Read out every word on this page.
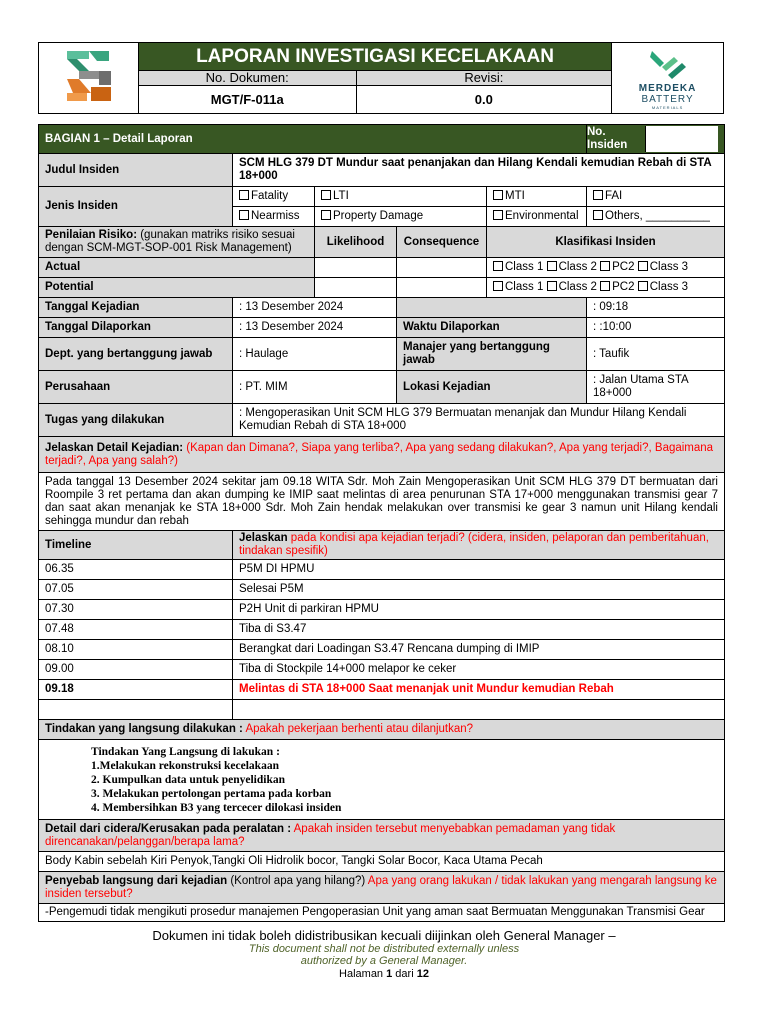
	LAPORAN INVESTIGASI KECELAKAAN		MERDEKA
BATTERY
MATERIALS

	No. Dokumen:	Revisi:	
	MGT/F-011a	0.0	
BAGIAN 1 – Detail Laporan	
No. Insiden	

Judul Insiden	SCM HLG 379 DT Mundur saat penanjakan dan Hilang Kendali kemudian Rebah di STA 18+000
Jenis Insiden	Fatality	LTI	MTI	FAI
Nearmiss	Property Damage	Environmental	Others, __________
Penilaian Risiko: (gunakan matriks risiko sesuai dengan SCM-MGT-SOP-001 Risk Management)	Likelihood	Consequence	Klasifikasi Insiden
Actual			Class 1 Class 2 PC2 Class 3
Potential			Class 1 Class 2 PC2 Class 3
Tanggal Kejadian	: 13 Desember 2024		: 09:18
Tanggal Dilaporkan	: 13 Desember 2024	Waktu Dilaporkan	: :10:00
Dept. yang bertanggung jawab	: Haulage	Manajer yang bertanggung jawab	: Taufik
Perusahaan	: PT. MIM	Lokasi Kejadian	: Jalan Utama STA 18+000
Tugas yang dilakukan	: Mengoperasikan Unit SCM HLG 379 Bermuatan menanjak dan Mundur Hilang Kendali Kemudian Rebah di STA 18+000
Jelaskan Detail Kejadian: (Kapan dan Dimana?, Siapa yang terliba?, Apa yang sedang dilakukan?, Apa yang terjadi?, Bagaimana terjadi?, Apa yang salah?)
Pada tanggal 13 Desember 2024 sekitar jam 09.18 WITA Sdr. Moh Zain Mengoperasikan Unit SCM HLG 379 DT bermuatan dari Roompile 3 ret pertama dan akan dumping ke IMIP saat melintas di area penurunan STA 17+000 menggunakan transmisi gear 7 dan saat akan menanjak ke STA 18+000 Sdr. Moh Zain hendak melakukan over transmisi ke gear 3 namun unit Hilang kendali sehingga mundur dan rebah
Timeline	Jelaskan pada kondisi apa kejadian terjadi? (cidera, insiden, pelaporan dan pemberitahuan, tindakan spesifik)
06.35	P5M DI HPMU
07.05	Selesai P5M
07.30	P2H Unit di parkiran HPMU
07.48	Tiba di S3.47
08.10	Berangkat dari Loadingan S3.47 Rencana dumping di IMIP
09.00	Tiba di Stockpile 14+000 melapor ke ceker
09.18	Melintas di STA 18+000 Saat menanjak unit Mundur kemudian Rebah

Tindakan yang langsung dilakukan : Apakah pekerjaan berhenti atau dilanjutkan?

Tindakan Yang Langsung di lakukan :
1.Melakukan rekonstruksi kecelakaan
2. Kumpulkan data untuk penyelidikan
3. Melakukan pertolongan pertama pada korban
4. Membersihkan B3 yang tercecer dilokasi insiden

Detail dari cidera/Kerusakan pada peralatan : Apakah insiden tersebut menyebabkan pemadaman yang tidak direncanakan/pelanggan/berapa lama?
Body Kabin sebelah Kiri Penyok,Tangki Oli Hidrolik bocor, Tangki Solar Bocor, Kaca Utama Pecah
Penyebab langsung dari kejadian (Kontrol apa yang hilang?) Apa yang orang lakukan / tidak lakukan yang mengarah langsung ke insiden tersebut?
-Pengemudi tidak mengikuti prosedur manajemen Pengoperasian Unit yang aman saat Bermuatan Menggunakan Transmisi Gear
Dokumen ini tidak boleh didistribusikan kecuali diijinkan oleh General Manager –
This document shall not be distributed externally unless
authorized by a General Manager.
Halaman 1 dari 12
